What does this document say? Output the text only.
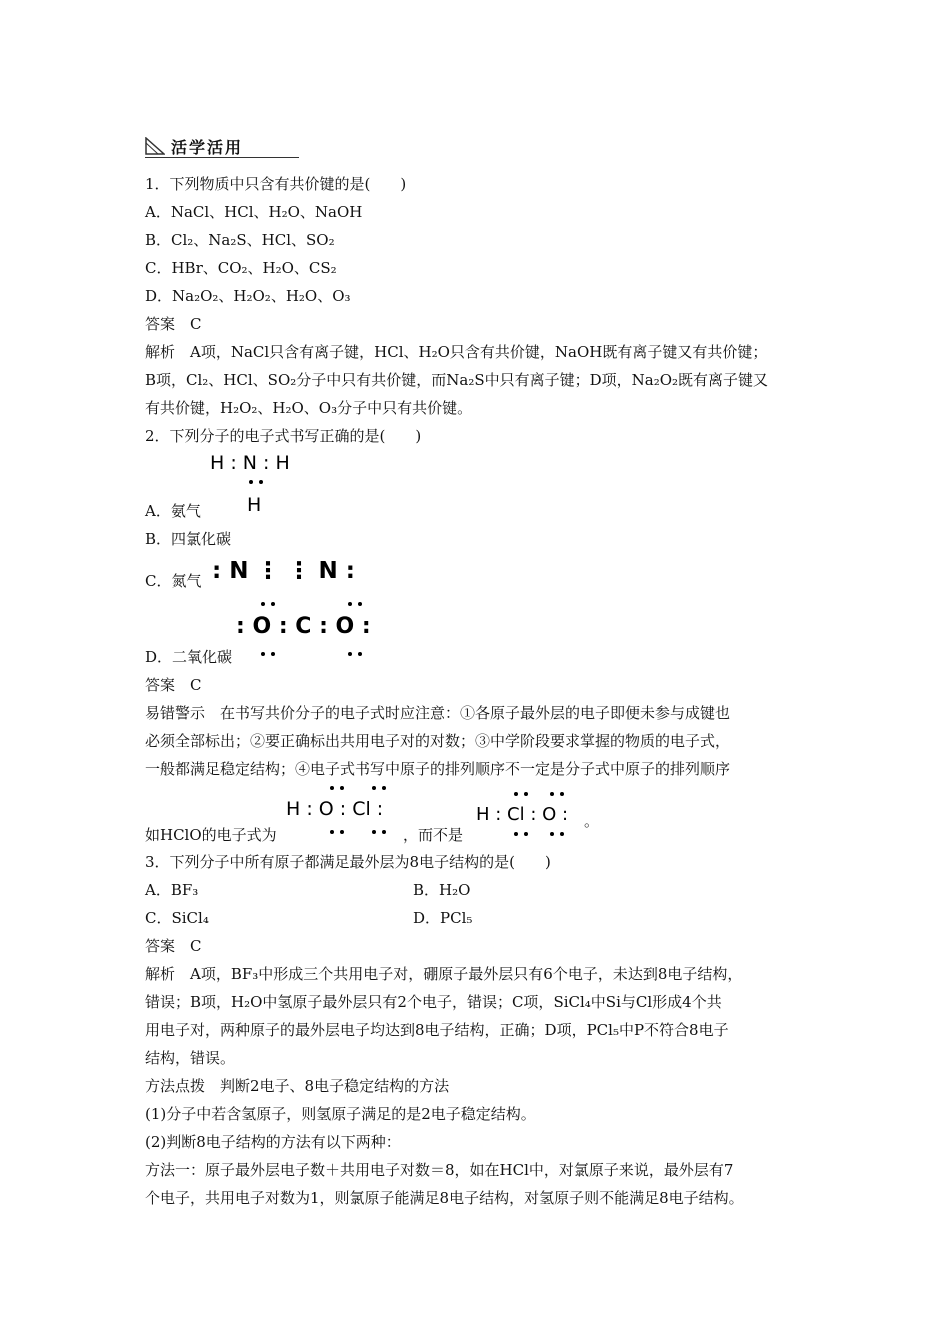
活学活用
1．下列物质中只含有共价键的是(　　)
A．NaCl、HCl、H₂O、NaOH
B．Cl₂、Na₂S、HCl、SO₂
C．HBr、CO₂、H₂O、CS₂
D．Na₂O₂、H₂O₂、H₂O、O₃
答案　C
解析　A项，NaCl只含有离子键，HCl、H₂O只含有共价键，NaOH既有离子键又有共价键；
B项，Cl₂、HCl、SO₂分子中只有共价键，而Na₂S中只有离子键；D项，Na₂O₂既有离子键又
有共价键，H₂O₂、H₂O、O₃分子中只有共价键。
2．下列分子的电子式书写正确的是(　　)
H : N : H
H
A．氨气
B．四氯化碳
: N ⋮ ⋮ N :
C．氮气
: O : C : O :
D．二氧化碳
答案　C
易错警示　在书写共价分子的电子式时应注意：①各原子最外层的电子即便未参与成键也
必须全部标出；②要正确标出共用电子对的对数；③中学阶段要求掌握的物质的电子式，
一般都满足稳定结构；④电子式书写中原子的排列顺序不一定是分子式中原子的排列顺序
H : O : Cl :	H : Cl : O :
如HClO的电子式为	，而不是
。
3．下列分子中所有原子都满足最外层为8电子结构的是(　　)
A．BF₃	B．H₂O
C．SiCl₄	D．PCl₅
答案　C
解析　A项，BF₃中形成三个共用电子对，硼原子最外层只有6个电子，未达到8电子结构，
错误；B项，H₂O中氢原子最外层只有2个电子，错误；C项，SiCl₄中Si与Cl形成4个共
用电子对，两种原子的最外层电子均达到8电子结构，正确；D项，PCl₅中P不符合8电子
结构，错误。
方法点拨　判断2电子、8电子稳定结构的方法
(1)分子中若含氢原子，则氢原子满足的是2电子稳定结构。
(2)判断8电子结构的方法有以下两种：
方法一：原子最外层电子数＋共用电子对数＝8，如在HCl中，对氯原子来说，最外层有7
个电子，共用电子对数为1，则氯原子能满足8电子结构，对氢原子则不能满足8电子结构。
